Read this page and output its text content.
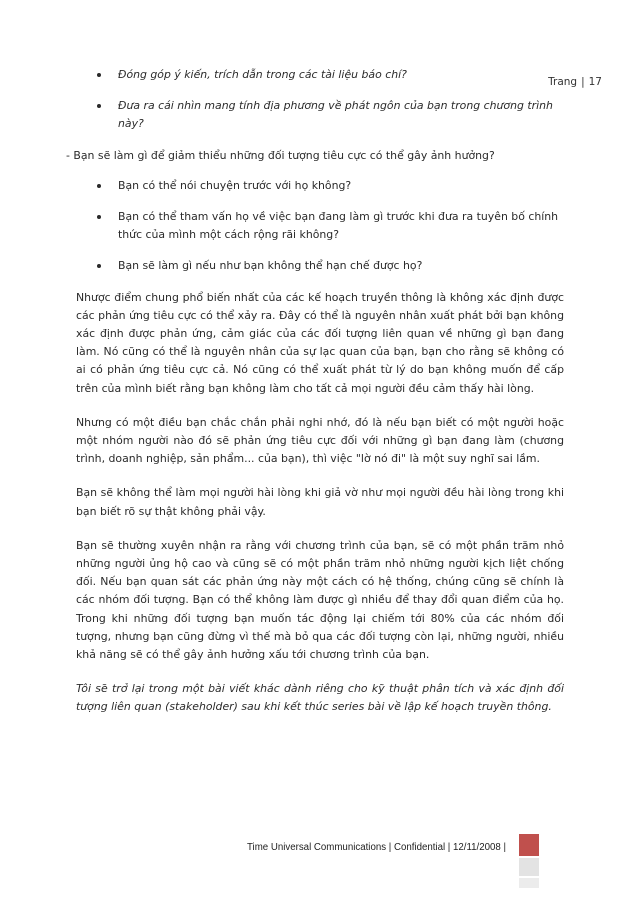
Trang | 17
Đóng góp ý kiến, trích dẫn trong các tài liệu báo chí?
Đưa ra cái nhìn mang tính địa phương về phát ngôn của bạn trong chương trình này?
- Bạn sẽ làm gì để giảm thiểu những đối tượng tiêu cực có thể gây ảnh hưởng?
Bạn có thể nói chuyện trước với họ không?
Bạn có thể tham vấn họ về việc bạn đang làm gì trước khi đưa ra tuyên bố chính thức của mình một cách rộng rãi không?
Bạn sẽ làm gì nếu như bạn không thể hạn chế được họ?

Nhược điểm chung phổ biến nhất của các kế hoạch truyền thông là không xác định được các phản ứng tiêu cực có thể xảy ra. Đây có thể là nguyên nhân xuất phát bởi bạn không xác định được phản ứng, cảm giác của các đối tượng liên quan về những gì bạn đang làm. Nó cũng có thể là nguyên nhân của sự lạc quan của bạn, bạn cho rằng sẽ không có ai có phản ứng tiêu cực cả. Nó cũng có thể xuất phát từ lý do bạn không muốn để cấp trên của mình biết rằng bạn không làm cho tất cả mọi người đều cảm thấy hài lòng.

Nhưng có một điều bạn chắc chắn phải nghi nhớ, đó là nếu bạn biết có một người hoặc một nhóm người nào đó sẽ phản ứng tiêu cực đối với những gì bạn đang làm (chương trình, doanh nghiệp, sản phẩm... của bạn), thì việc "lờ nó đi" là một suy nghĩ sai lầm.

Bạn sẽ không thể làm mọi người hài lòng khi giả vờ như mọi người đều hài lòng trong khi bạn biết rõ sự thật không phải vậy.

Bạn sẽ thường xuyên nhận ra rằng với chương trình của bạn, sẽ có một phần trăm nhỏ những người ủng hộ cao và cũng sẽ có một phần trăm nhỏ những người kịch liệt chống đối. Nếu bạn quan sát các phản ứng này một cách có hệ thống, chúng cũng sẽ chính là các nhóm đối tượng. Bạn có thể không làm được gì nhiều để thay đổi quan điểm của họ. Trong khi những đối tượng bạn muốn tác động lại chiếm tới 80% của các nhóm đối tượng, nhưng bạn cũng đừng vì thế mà bỏ qua các đối tượng còn lại, những người, nhiều khả năng sẽ có thể gây ảnh hưởng xấu tới chương trình của bạn.

Tôi sẽ trở lại trong một bài viết khác dành riêng cho kỹ thuật phân tích và xác định đối tượng liên quan (stakeholder) sau khi kết thúc series bài về lập kế hoạch truyền thông.

Time Universal Communications | Confidential | 12/11/2008 |
